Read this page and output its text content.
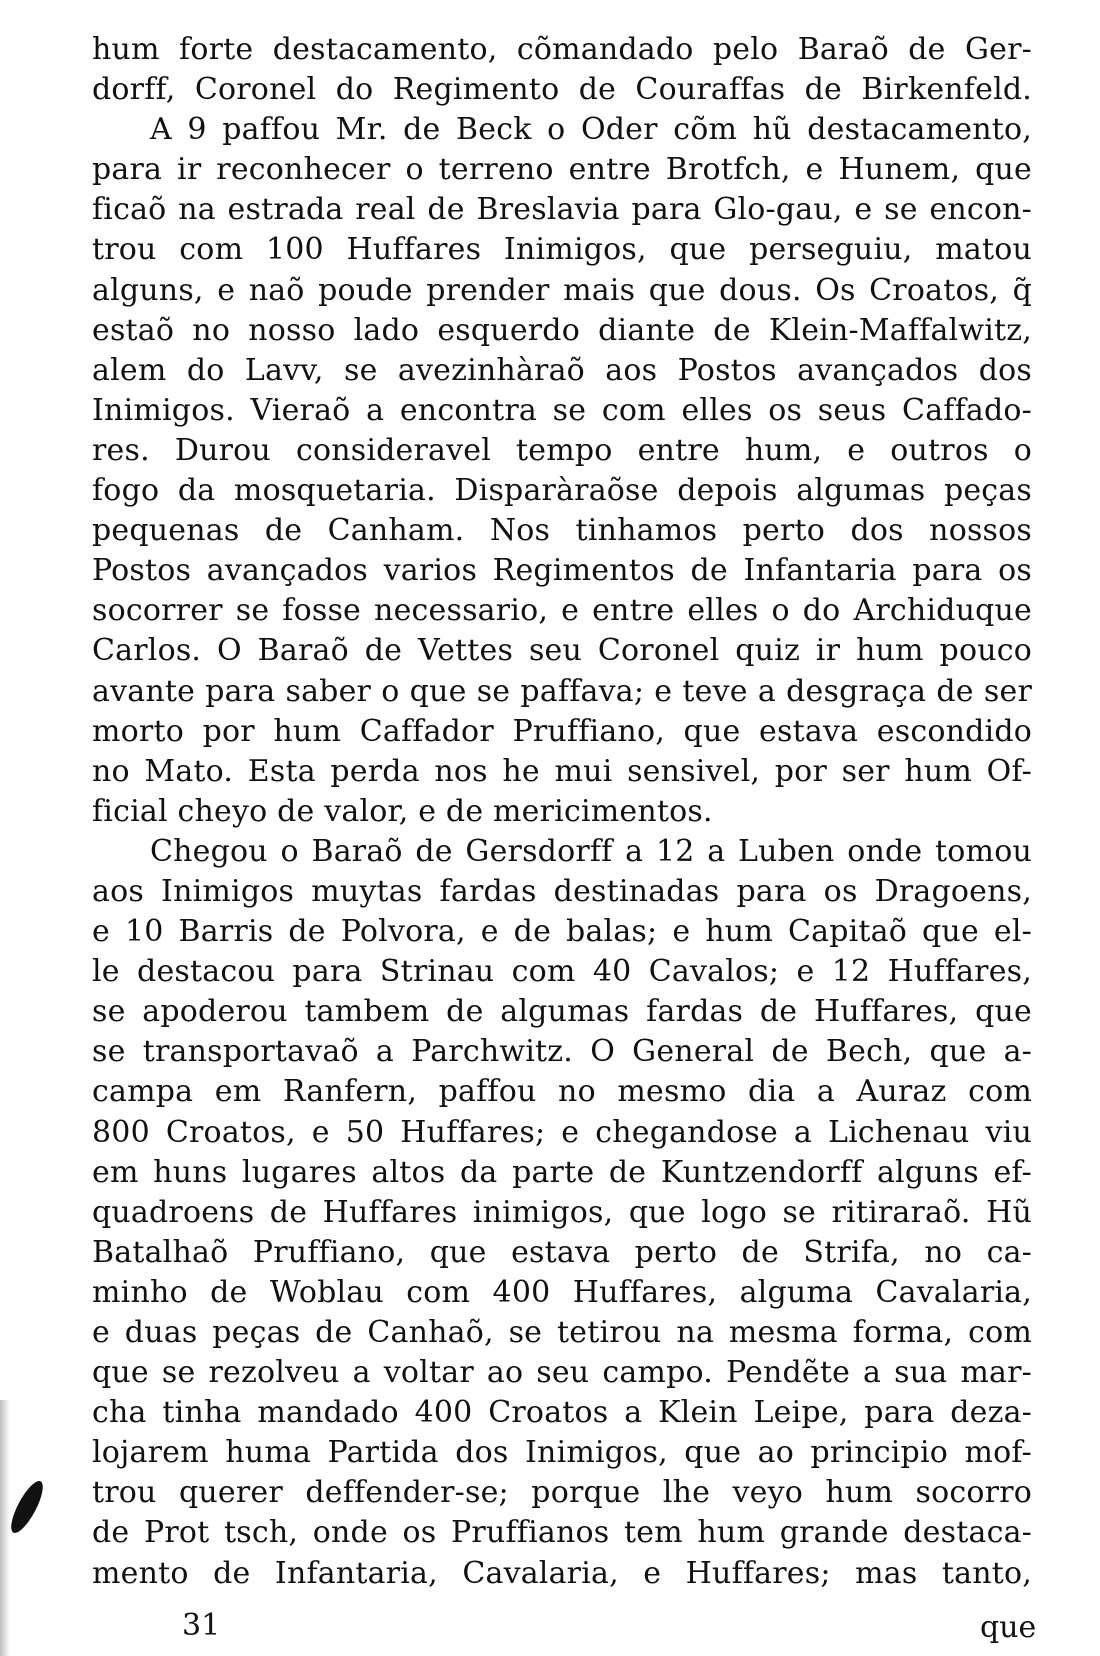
hum forte destacamento, cõmandado pelo Baraõ de Ger-
dorff, Coronel do Regimento de Couraffas de Birkenfeld.
A 9 paffou Mr. de Beck o Oder cõm hũ destacamento,
para ir reconhecer o terreno entre Brotfch, e Hunem, que
ficaõ na estrada real de Breslavia para Glo-gau, e se encon-
trou com 100 Huffares Inimigos, que perseguiu, matou
alguns, e naõ poude prender mais que dous. Os Croatos, q̃
estaõ no nosso lado esquerdo diante de Klein-Maffalwitz,
alem do Lavv, se avezinhàraõ aos Postos avançados dos
Inimigos. Vieraõ a encontra se com elles os seus Caffado-
res. Durou consideravel tempo entre hum, e outros o
fogo da mosquetaria. Disparàraõse depois algumas peças
pequenas de Canham. Nos tinhamos perto dos nossos
Postos avançados varios Regimentos de Infantaria para os
socorrer se fosse necessario, e entre elles o do Archiduque
Carlos. O Baraõ de Vettes seu Coronel quiz ir hum pouco
avante para saber o que se paffava; e teve a desgraça de ser
morto por hum Caffador Pruffiano, que estava escondido
no Mato. Esta perda nos he mui sensivel, por ser hum Of-
ficial cheyo de valor, e de mericimentos.
Chegou o Baraõ de Gersdorff a 12 a Luben onde tomou
aos Inimigos muytas fardas destinadas para os Dragoens,
e 10 Barris de Polvora, e de balas; e hum Capitaõ que el-
le destacou para Strinau com 40 Cavalos; e 12 Huffares,
se apoderou tambem de algumas fardas de Huffares, que
se transportavaõ a Parchwitz. O General de Bech, que a-
campa em Ranfern, paffou no mesmo dia a Auraz com
800 Croatos, e 50 Huffares; e chegandose a Lichenau viu
em huns lugares altos da parte de Kuntzendorff alguns ef-
quadroens de Huffares inimigos, que logo se ritiraraõ. Hũ
Batalhaõ Pruffiano, que estava perto de Strifa, no ca-
minho de Woblau com 400 Huffares, alguma Cavalaria,
e duas peças de Canhaõ, se tetirou na mesma forma, com
que se rezolveu a voltar ao seu campo. Pendẽte a sua mar-
cha tinha mandado 400 Croatos a Klein Leipe, para deza-
lojarem huma Partida dos Inimigos, que ao principio mof-
trou querer deffender-se; porque lhe veyo hum socorro
de Prot tsch, onde os Pruffianos tem hum grande destaca-
mento de Infantaria, Cavalaria, e Huffares; mas tanto,
31	que
